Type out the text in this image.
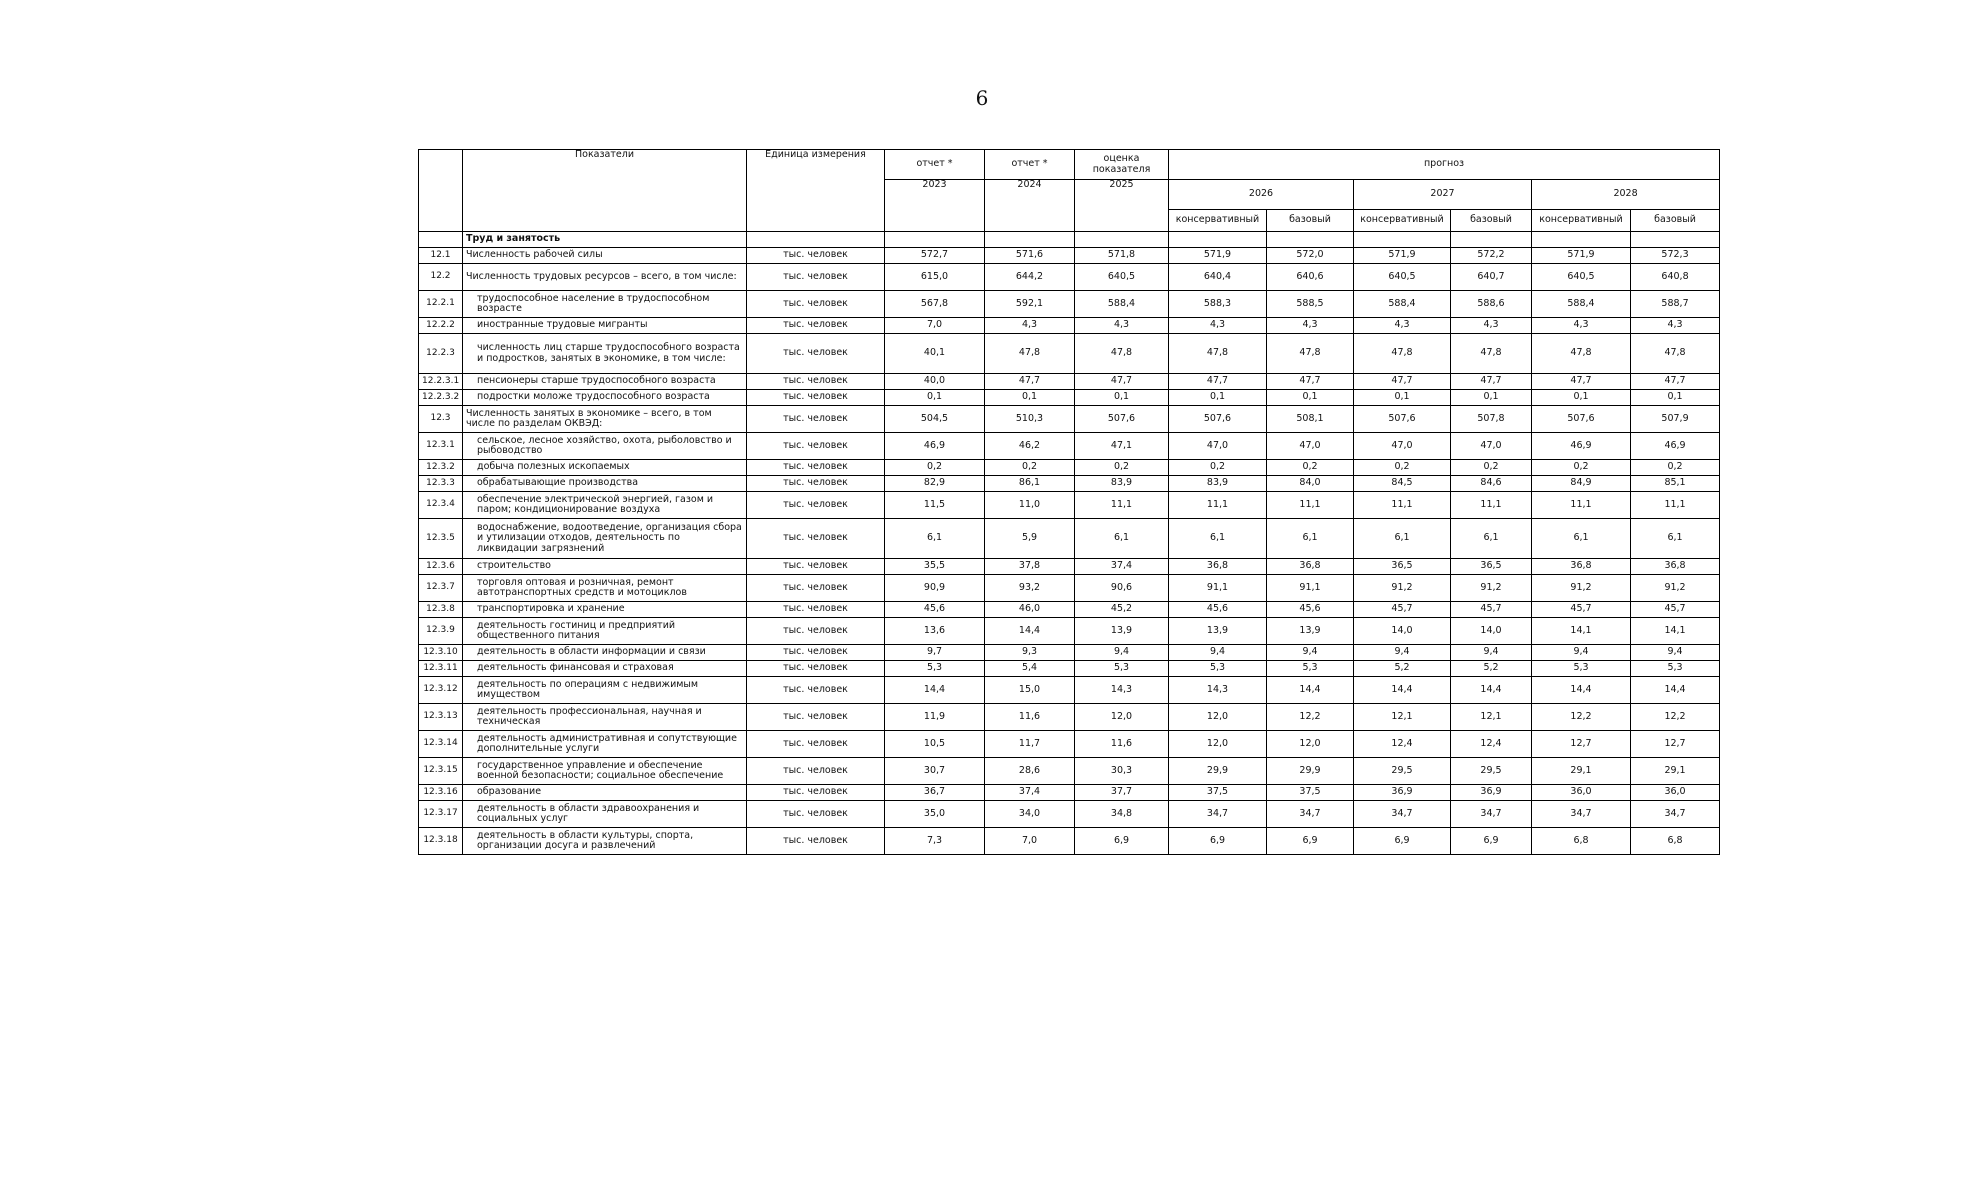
6
	Показатели	Единица измерения	отчет *	отчет *	оценка показателя	прогноз					
			2023	2024	2025	2026		2027		2028	
						консервативный	базовый	консервативный	базовый	консервативный	базовый
	Труд и занятость										
12.1	Численность рабочей силы	тыс. человек	572,7	571,6	571,8	571,9	572,0	571,9	572,2	571,9	572,3
12.2	Численность трудовых ресурсов – всего, в том числе:	тыс. человек	615,0	644,2	640,5	640,4	640,6	640,5	640,7	640,5	640,8
12.2.1	трудоспособное население в трудоспособном возрасте	тыс. человек	567,8	592,1	588,4	588,3	588,5	588,4	588,6	588,4	588,7
12.2.2	иностранные трудовые мигранты	тыс. человек	7,0	4,3	4,3	4,3	4,3	4,3	4,3	4,3	4,3
12.2.3	численность лиц старше трудоспособного возраста и подростков, занятых в экономике, в том числе:	тыс. человек	40,1	47,8	47,8	47,8	47,8	47,8	47,8	47,8	47,8
12.2.3.1	пенсионеры старше трудоспособного возраста	тыс. человек	40,0	47,7	47,7	47,7	47,7	47,7	47,7	47,7	47,7
12.2.3.2	подростки моложе трудоспособного возраста	тыс. человек	0,1	0,1	0,1	0,1	0,1	0,1	0,1	0,1	0,1
12.3	Численность занятых в экономике – всего, в том числе по разделам ОКВЭД:	тыс. человек	504,5	510,3	507,6	507,6	508,1	507,6	507,8	507,6	507,9
12.3.1	сельское, лесное хозяйство, охота, рыболовство и рыбоводство	тыс. человек	46,9	46,2	47,1	47,0	47,0	47,0	47,0	46,9	46,9
12.3.2	добыча полезных ископаемых	тыс. человек	0,2	0,2	0,2	0,2	0,2	0,2	0,2	0,2	0,2
12.3.3	обрабатывающие производства	тыс. человек	82,9	86,1	83,9	83,9	84,0	84,5	84,6	84,9	85,1
12.3.4	обеспечение электрической энергией, газом и паром; кондиционирование воздуха	тыс. человек	11,5	11,0	11,1	11,1	11,1	11,1	11,1	11,1	11,1
12.3.5	водоснабжение, водоотведение, организация сбора и утилизации отходов, деятельность по ликвидации загрязнений	тыс. человек	6,1	5,9	6,1	6,1	6,1	6,1	6,1	6,1	6,1
12.3.6	строительство	тыс. человек	35,5	37,8	37,4	36,8	36,8	36,5	36,5	36,8	36,8
12.3.7	торговля оптовая и розничная, ремонт автотранспортных средств и мотоциклов	тыс. человек	90,9	93,2	90,6	91,1	91,1	91,2	91,2	91,2	91,2
12.3.8	транспортировка и хранение	тыс. человек	45,6	46,0	45,2	45,6	45,6	45,7	45,7	45,7	45,7
12.3.9	деятельность гостиниц и предприятий общественного питания	тыс. человек	13,6	14,4	13,9	13,9	13,9	14,0	14,0	14,1	14,1
12.3.10	деятельность в области информации и связи	тыс. человек	9,7	9,3	9,4	9,4	9,4	9,4	9,4	9,4	9,4
12.3.11	деятельность финансовая и страховая	тыс. человек	5,3	5,4	5,3	5,3	5,3	5,2	5,2	5,3	5,3
12.3.12	деятельность по операциям с недвижимым имуществом	тыс. человек	14,4	15,0	14,3	14,3	14,4	14,4	14,4	14,4	14,4
12.3.13	деятельность профессиональная, научная и техническая	тыс. человек	11,9	11,6	12,0	12,0	12,2	12,1	12,1	12,2	12,2
12.3.14	деятельность административная и сопутствующие дополнительные услуги	тыс. человек	10,5	11,7	11,6	12,0	12,0	12,4	12,4	12,7	12,7
12.3.15	государственное управление и обеспечение военной безопасности; социальное обеспечение	тыс. человек	30,7	28,6	30,3	29,9	29,9	29,5	29,5	29,1	29,1
12.3.16	образование	тыс. человек	36,7	37,4	37,7	37,5	37,5	36,9	36,9	36,0	36,0
12.3.17	деятельность в области здравоохранения и социальных услуг	тыс. человек	35,0	34,0	34,8	34,7	34,7	34,7	34,7	34,7	34,7
12.3.18	деятельность в области культуры, спорта, организации досуга и развлечений	тыс. человек	7,3	7,0	6,9	6,9	6,9	6,9	6,9	6,8	6,8
